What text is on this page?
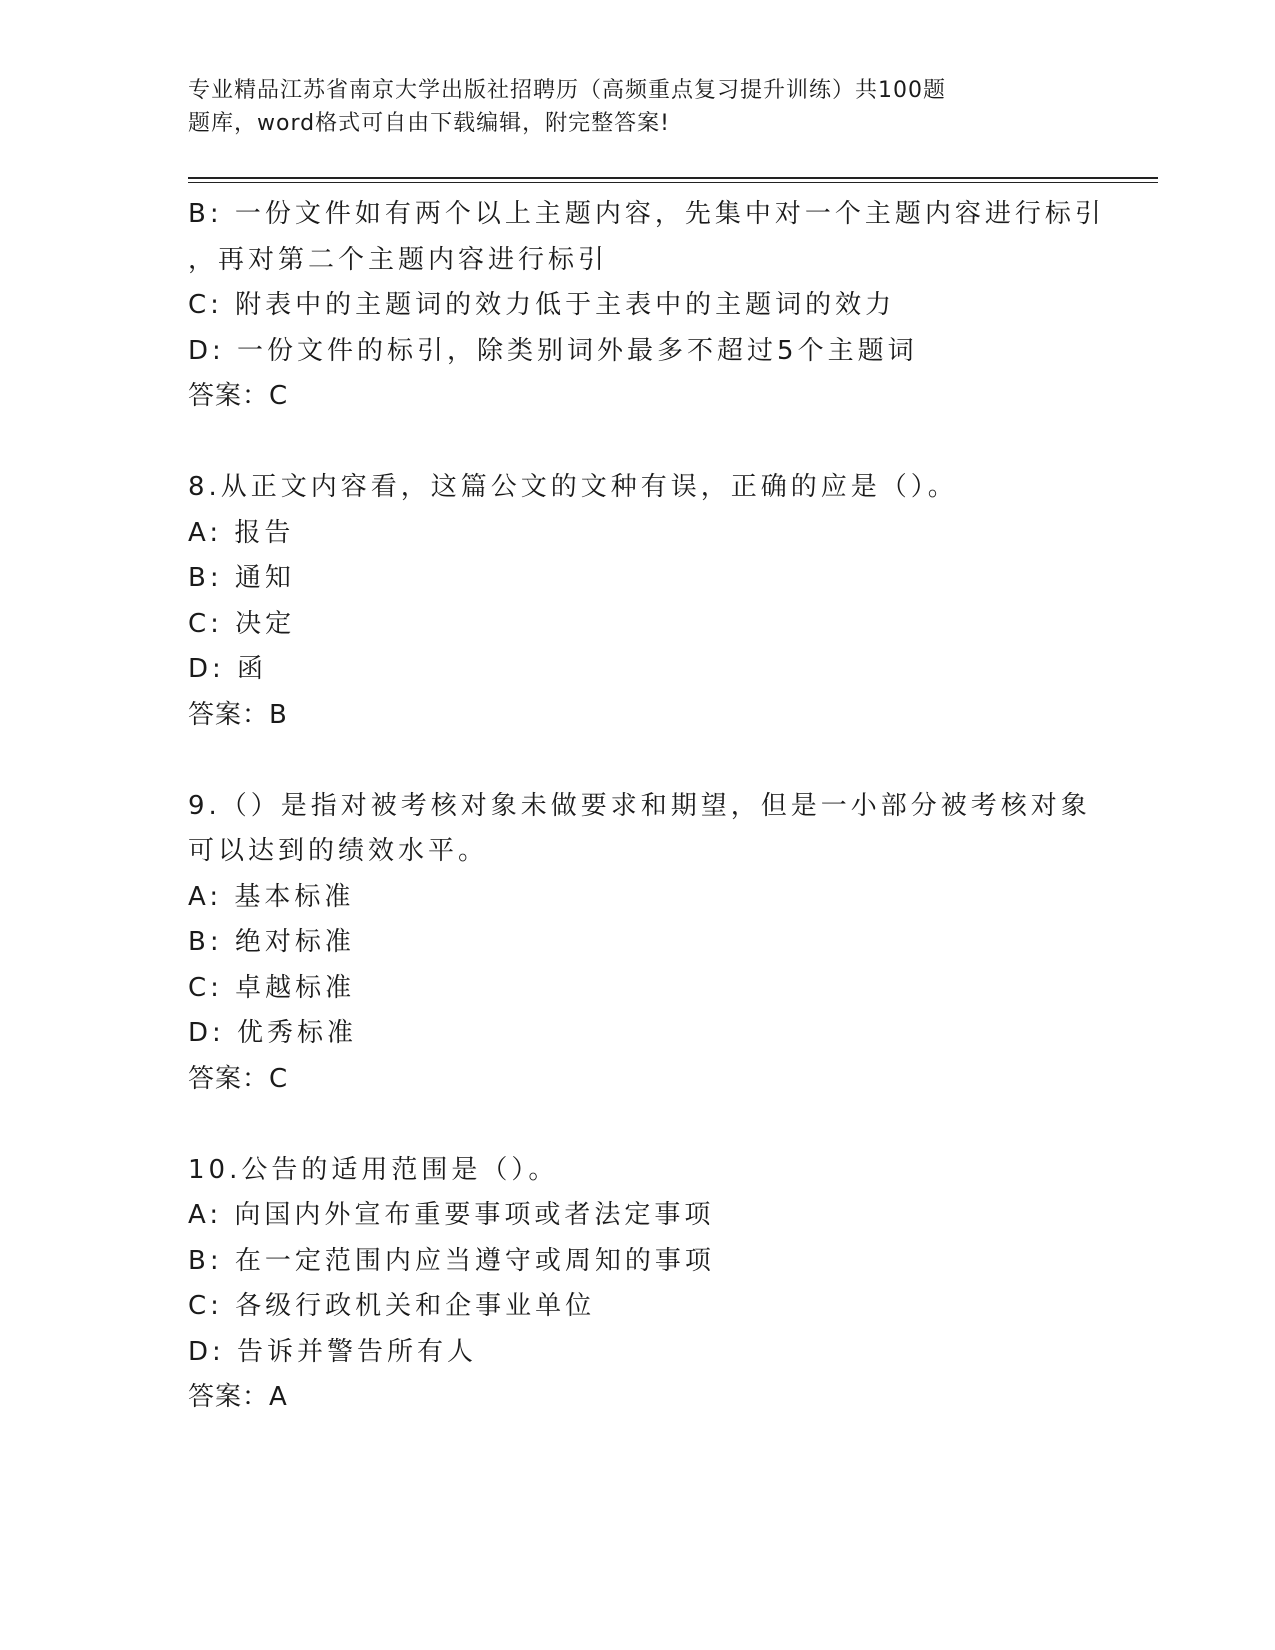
专业精品江苏省南京大学出版社招聘历（高频重点复习提升训练）共100题
题库，word格式可自由下载编辑，附完整答案!
B: 一份文件如有两个以上主题内容，先集中对一个主题内容进行标引
，再对第二个主题内容进行标引
C: 附表中的主题词的效力低于主表中的主题词的效力
D: 一份文件的标引，除类别词外最多不超过5个主题词
答案：C
8.从正文内容看，这篇公文的文种有误，正确的应是（）。
A: 报告
B: 通知
C: 决定
D: 函
答案：B
9.（）是指对被考核对象未做要求和期望，但是一小部分被考核对象
可以达到的绩效水平。
A: 基本标准
B: 绝对标准
C: 卓越标准
D: 优秀标准
答案：C
10.公告的适用范围是（）。
A: 向国内外宣布重要事项或者法定事项
B: 在一定范围内应当遵守或周知的事项
C: 各级行政机关和企事业单位
D: 告诉并警告所有人
答案：A
